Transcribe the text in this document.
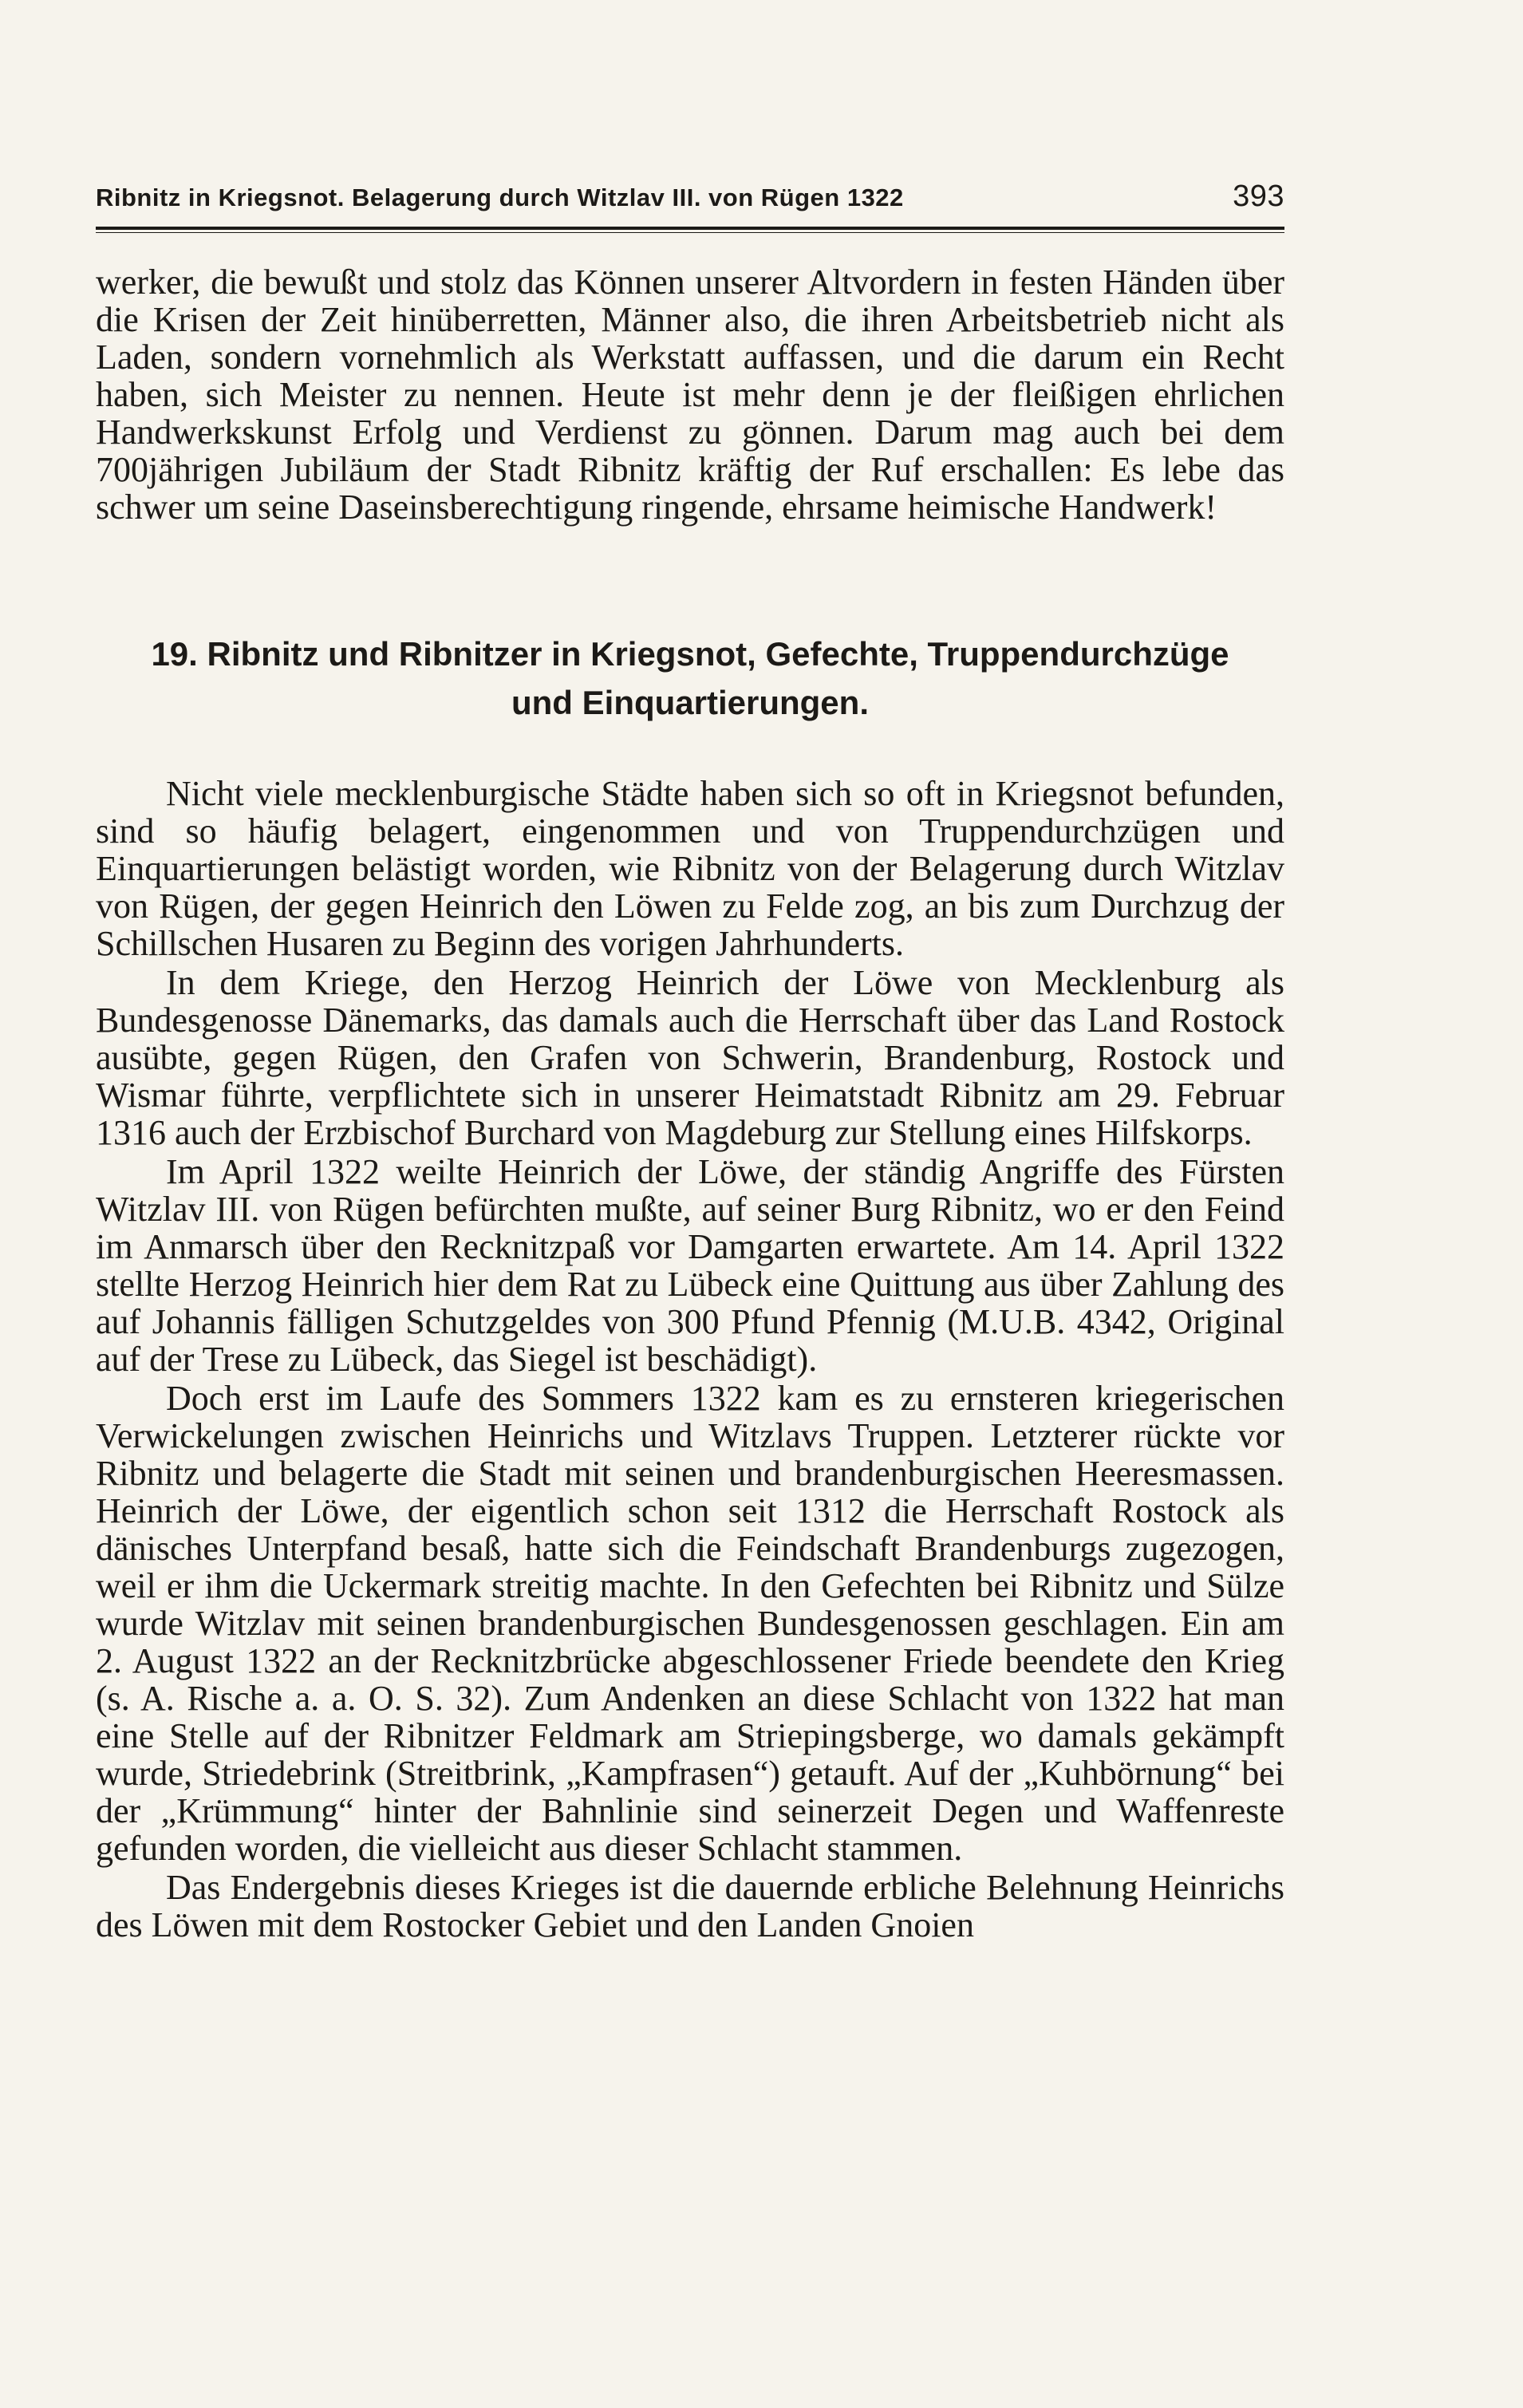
Ribnitz in Kriegsnot. Belagerung durch Witzlav III. von Rügen 1322	393

werker, die bewußt und stolz das Können unserer Altvordern in festen Händen über die Krisen der Zeit hinüberretten, Männer also, die ihren Arbeitsbetrieb nicht als Laden, sondern vornehmlich als Werkstatt auffassen, und die darum ein Recht haben, sich Meister zu nennen. Heute ist mehr denn je der fleißigen ehrlichen Handwerkskunst Erfolg und Verdienst zu gönnen. Darum mag auch bei dem 700jährigen Jubiläum der Stadt Ribnitz kräftig der Ruf erschallen: Es lebe das schwer um seine Daseinsberechtigung ringende, ehrsame heimische Handwerk!

19. Ribnitz und Ribnitzer in Kriegsnot, Gefechte, Truppendurchzüge
und Einquartierungen.

Nicht viele mecklenburgische Städte haben sich so oft in Kriegsnot befunden, sind so häufig belagert, eingenommen und von Truppendurchzügen und Einquartierungen belästigt worden, wie Ribnitz von der Belagerung durch Witzlav von Rügen, der gegen Heinrich den Löwen zu Felde zog, an bis zum Durchzug der Schillschen Husaren zu Beginn des vorigen Jahrhunderts.

In dem Kriege, den Herzog Heinrich der Löwe von Mecklenburg als Bundesgenosse Dänemarks, das damals auch die Herrschaft über das Land Rostock ausübte, gegen Rügen, den Grafen von Schwerin, Brandenburg, Rostock und Wismar führte, verpflichtete sich in unserer Heimatstadt Ribnitz am 29. Februar 1316 auch der Erzbischof Burchard von Magdeburg zur Stellung eines Hilfskorps.

Im April 1322 weilte Heinrich der Löwe, der ständig Angriffe des Fürsten Witzlav III. von Rügen befürchten mußte, auf seiner Burg Ribnitz, wo er den Feind im Anmarsch über den Recknitzpaß vor Damgarten erwartete. Am 14. April 1322 stellte Herzog Heinrich hier dem Rat zu Lübeck eine Quittung aus über Zahlung des auf Johannis fälligen Schutzgeldes von 300 Pfund Pfennig (M.U.B. 4342, Original auf der Trese zu Lübeck, das Siegel ist beschädigt).

Doch erst im Laufe des Sommers 1322 kam es zu ernsteren kriegerischen Verwickelungen zwischen Heinrichs und Witzlavs Truppen. Letzterer rückte vor Ribnitz und belagerte die Stadt mit seinen und brandenburgischen Heeresmassen. Heinrich der Löwe, der eigentlich schon seit 1312 die Herrschaft Rostock als dänisches Unterpfand besaß, hatte sich die Feindschaft Brandenburgs zugezogen, weil er ihm die Uckermark streitig machte. In den Gefechten bei Ribnitz und Sülze wurde Witzlav mit seinen brandenburgischen Bundesgenossen geschlagen. Ein am 2. August 1322 an der Recknitzbrücke abgeschlossener Friede beendete den Krieg (s. A. Rische a. a. O. S. 32). Zum Andenken an diese Schlacht von 1322 hat man eine Stelle auf der Ribnitzer Feldmark am Striepingsberge, wo damals gekämpft wurde, Striedebrink (Streitbrink, „Kampfrasen“) getauft. Auf der „Kuhbörnung“ bei der „Krümmung“ hinter der Bahnlinie sind seinerzeit Degen und Waffenreste gefunden worden, die vielleicht aus dieser Schlacht stammen.

Das Endergebnis dieses Krieges ist die dauernde erbliche Belehnung Heinrichs des Löwen mit dem Rostocker Gebiet und den Landen Gnoien
